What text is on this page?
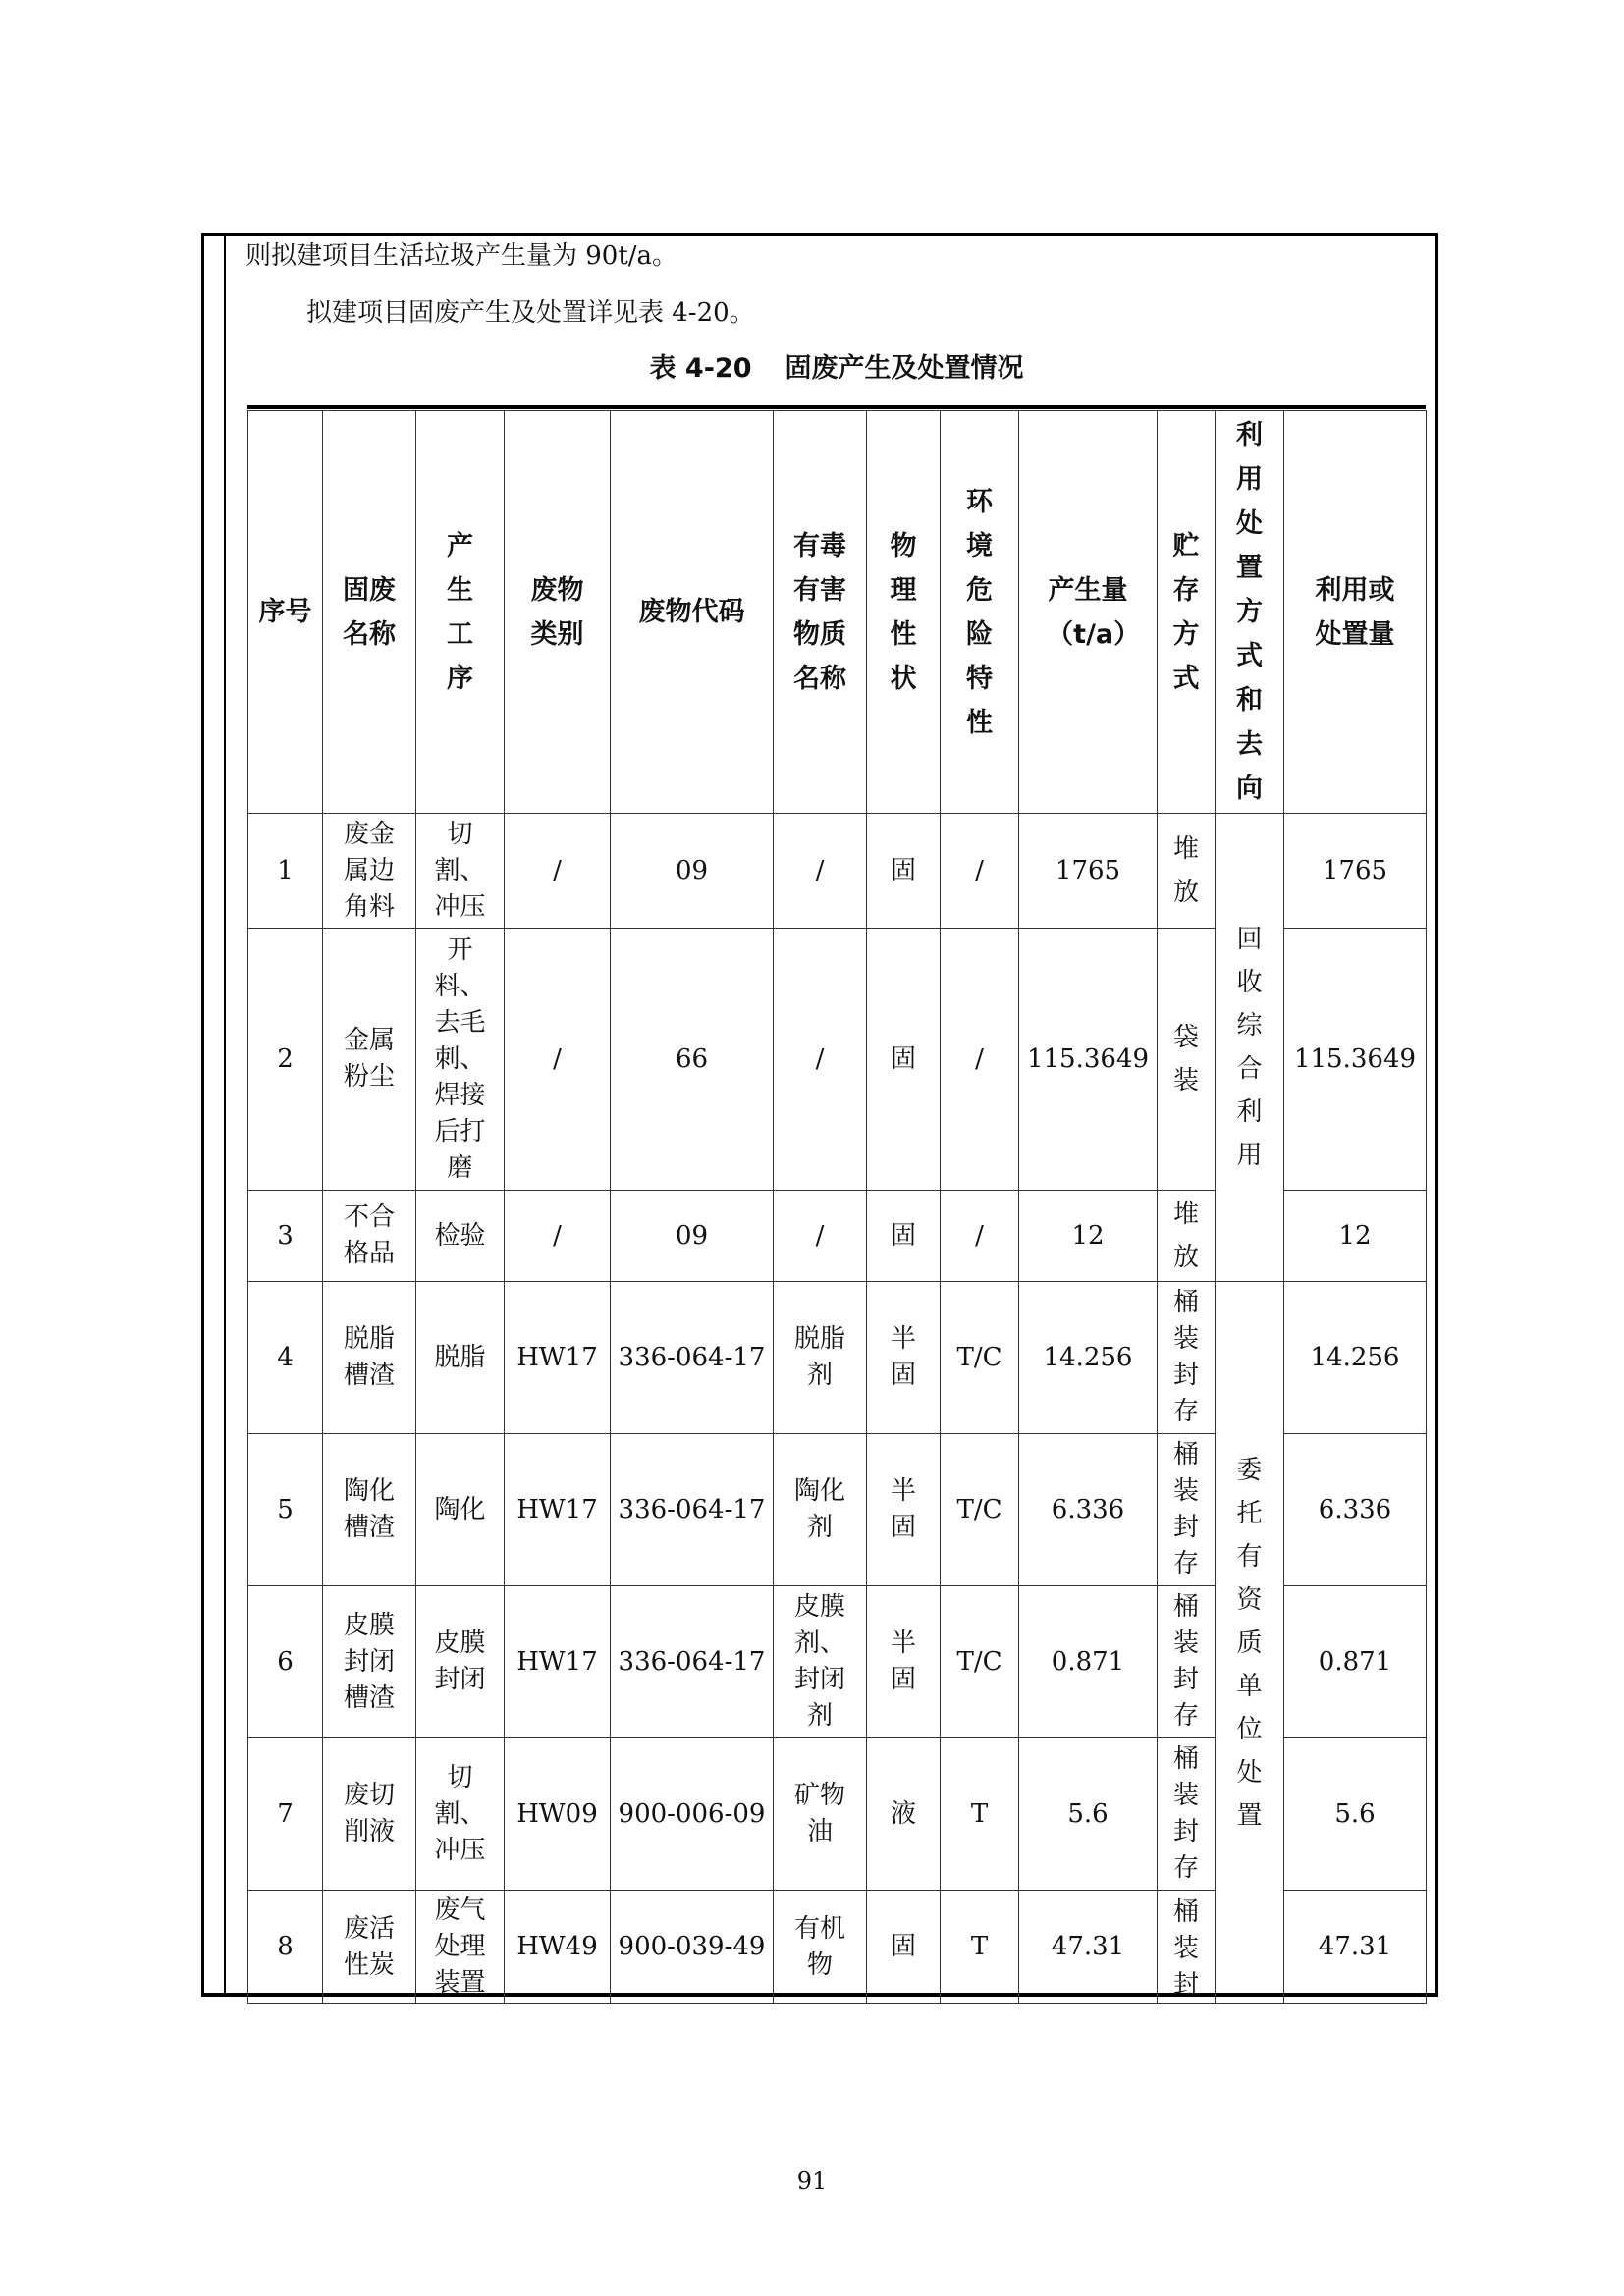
则拟建项目生活垃圾产生量为 90t/a。
拟建项目固废产生及处置详见表 4-20。
表 4-20 固废产生及处置情况
序号	固废名称	产生工序	废物类别	废物代码	有毒有害物质名称	物理性状	环境危险特性	产生量（t/a）	贮存方式	利用处置方式和去向	利用或处置量
1	废金属边角料	切割、冲压	/	09	/	固	/	1765	堆放	回收综合利用	1765
2	金属粉尘	开料、去毛刺、焊接后打磨	/	66	/	固	/	115.3649	袋装		115.3649
3	不合格品	检验	/	09	/	固	/	12	堆放		12
4	脱脂槽渣	脱脂	HW17	336-064-17	脱脂剂	半固	T/C	14.256	桶装封存	委托有资质单位处置	14.256
5	陶化槽渣	陶化	HW17	336-064-17	陶化剂	半固	T/C	6.336	桶装封存		6.336
6	皮膜封闭槽渣	皮膜封闭	HW17	336-064-17	皮膜剂、封闭剂	半固	T/C	0.871	桶装封存		0.871
7	废切削液	切割、冲压	HW09	900-006-09	矿物油	液	T	5.6	桶装封存		5.6
8	废活性炭	废气处理装置	HW49	900-039-49	有机物	固	T	47.31	桶装封		47.31
91
